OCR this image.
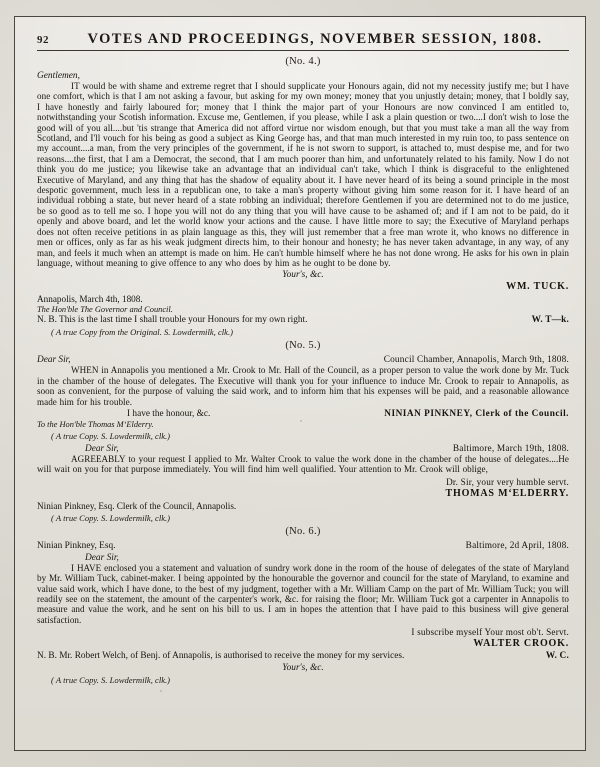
92	VOTES AND PROCEEDINGS, NOVEMBER SESSION, 1808.
(No. 4.)
Gentlemen,

IT would be with shame and extreme regret that I should supplicate your Honours again, did not my necessity justify me; but I have one comfort, which is that I am not asking a favour, but asking for my own money; money that you unjustly detain; money, that I boldly say, I have honestly and fairly laboured for; money that I think the major part of your Honours are now convinced I am entitled to, notwithstanding your Scotish information. Excuse me, Gentlemen, if you please, while I ask a plain question or two....I don't wish to lose the good will of you all....but 'tis strange that America did not afford virtue nor wisdom enough, but that you must take a man all the way from Scotland, and I'll vouch for his being as good a subject as King George has, and that man much interested in my ruin too, to pass sentence on my account....a man, from the very principles of the government, if he is not sworn to support, is attached to, must despise me, and for two reasons....the first, that I am a Democrat, the second, that I am much poorer than him, and unfortunately related to his family. Now I do not think you do me justice; you likewise take an advantage that an individual can't take, which I think is disgraceful to the enlightened Executive of Maryland, and any thing that has the shadow of equality about it. I have never heard of its being a sound principle in the most despotic government, much less in a republican one, to take a man's property without giving him some reason for it. I have heard of an individual robbing a state, but never heard of a state robbing an individual; therefore Gentlemen if you are determined not to do me justice, be so good as to tell me so. I hope you will not do any thing that you will have cause to be ashamed of; and if I am not to be paid, do it openly and above board, and let the world know your actions and the cause. I have little more to say; the Executive of Maryland perhaps does not often receive petitions in as plain language as this, they will just remember that a free man wrote it, who knows no difference in men or offices, only as far as his weak judgment directs him, to their honour and honesty; he has never taken advantage, in any way, of any man, and feels it much when an attempt is made on him. He can't humble himself where he has not done wrong. He asks for his own in plain language, without meaning to give offence to any who does by him as he ought to be done by.

Your's, &c.
WM. TUCK.
Annapolis, March 4th, 1808.
The Hon'ble The Governor and Council.
N. B. This is the last time I shall trouble your Honours for my own right.	W. T—k.
( A true Copy from the Original. S. Lowdermilk, clk.)
(No. 5.)
Dear Sir,	Council Chamber, Annapolis, March 9th, 1808.

WHEN in Annapolis you mentioned a Mr. Crook to Mr. Hall of the Council, as a proper person to value the work done by Mr. Tuck in the chamber of the house of delegates. The Executive will thank you for your influence to induce Mr. Crook to repair to Annapolis, as soon as convenient, for the purpose of valuing the said work, and to inform him that his expenses will be paid, and a reasonable allowance made him for his trouble.

I have the honour, &c.	NINIAN PINKNEY, Clerk of the Council.
To the Hon'ble Thomas M‘Elderry.
( A true Copy. S. Lowdermilk, clk.)
Dear Sir,	Baltimore, March 19th, 1808.

AGREEABLY to your request I applied to Mr. Walter Crook to value the work done in the chamber of the house of delegates....He will wait on you for that purpose immediately. You will find him well qualified. Your attention to Mr. Crook will oblige,

Dr. Sir, your very humble servt.
THOMAS M‘ELDERRY.
Ninian Pinkney, Esq. Clerk of the Council, Annapolis.
( A true Copy. S. Lowdermilk, clk.)
(No. 6.)
Ninian Pinkney, Esq.	Baltimore, 2d April, 1808.
Dear Sir,

I HAVE enclosed you a statement and valuation of sundry work done in the room of the house of delegates of the state of Maryland by Mr. William Tuck, cabinet-maker. I being appointed by the honourable the governor and council for the state of Maryland, to examine and value said work, which I have done, to the best of my judgment, together with a Mr. William Camp on the part of Mr. William Tuck; you will readily see on the statement, the amount of the carpenter's work, &c. for raising the floor; Mr. William Tuck got a carpenter in Annapolis to measure and value the work, and he sent on his bill to us. I am in hopes the attention that I have paid to this business will give general satisfaction.

I subscribe myself Your most ob't. Servt.
WALTER CROOK.
N. B. Mr. Robert Welch, of Benj. of Annapolis, is authorised to receive the money for my services.	W. C.
Your's, &c.
( A true Copy. S. Lowdermilk, clk.)
